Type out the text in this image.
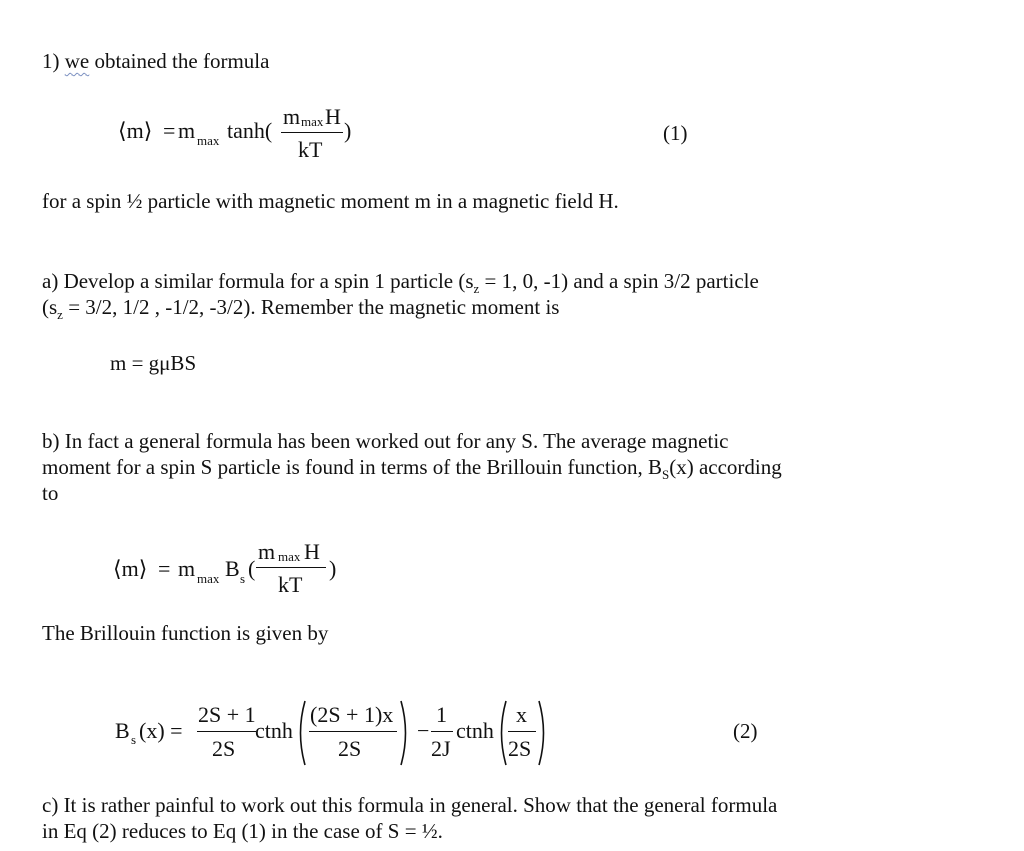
1) we obtained the formula
⟨m⟩ = m max tanh(
m max H
kT
)	(1)
for a spin ½ particle with magnetic moment m in a magnetic field H.
a) Develop a similar formula for a spin 1 particle ($s_z = 1$, 0, -1) and a spin 3/2 particle
($s_z = 3/2$, 1/2 , -1/2, -3/2). Remember the magnetic moment is
m = gμBS
b) In fact a general formula has been worked out for any S. The average magnetic
moment for a spin S particle is found in terms of the Brillouin function, $B_S(x)$ according
to
⟨m⟩ = m max B s (
m max H
kT
)
The Brillouin function is given by
B s (x) =
2S + 1
2S
ctnh
(2S + 1)x
2S
−
1
2J
ctnh
x
2S
(2)
c) It is rather painful to work out this formula in general. Show that the general formula
in Eq (2) reduces to Eq (1) in the case of S = ½.
